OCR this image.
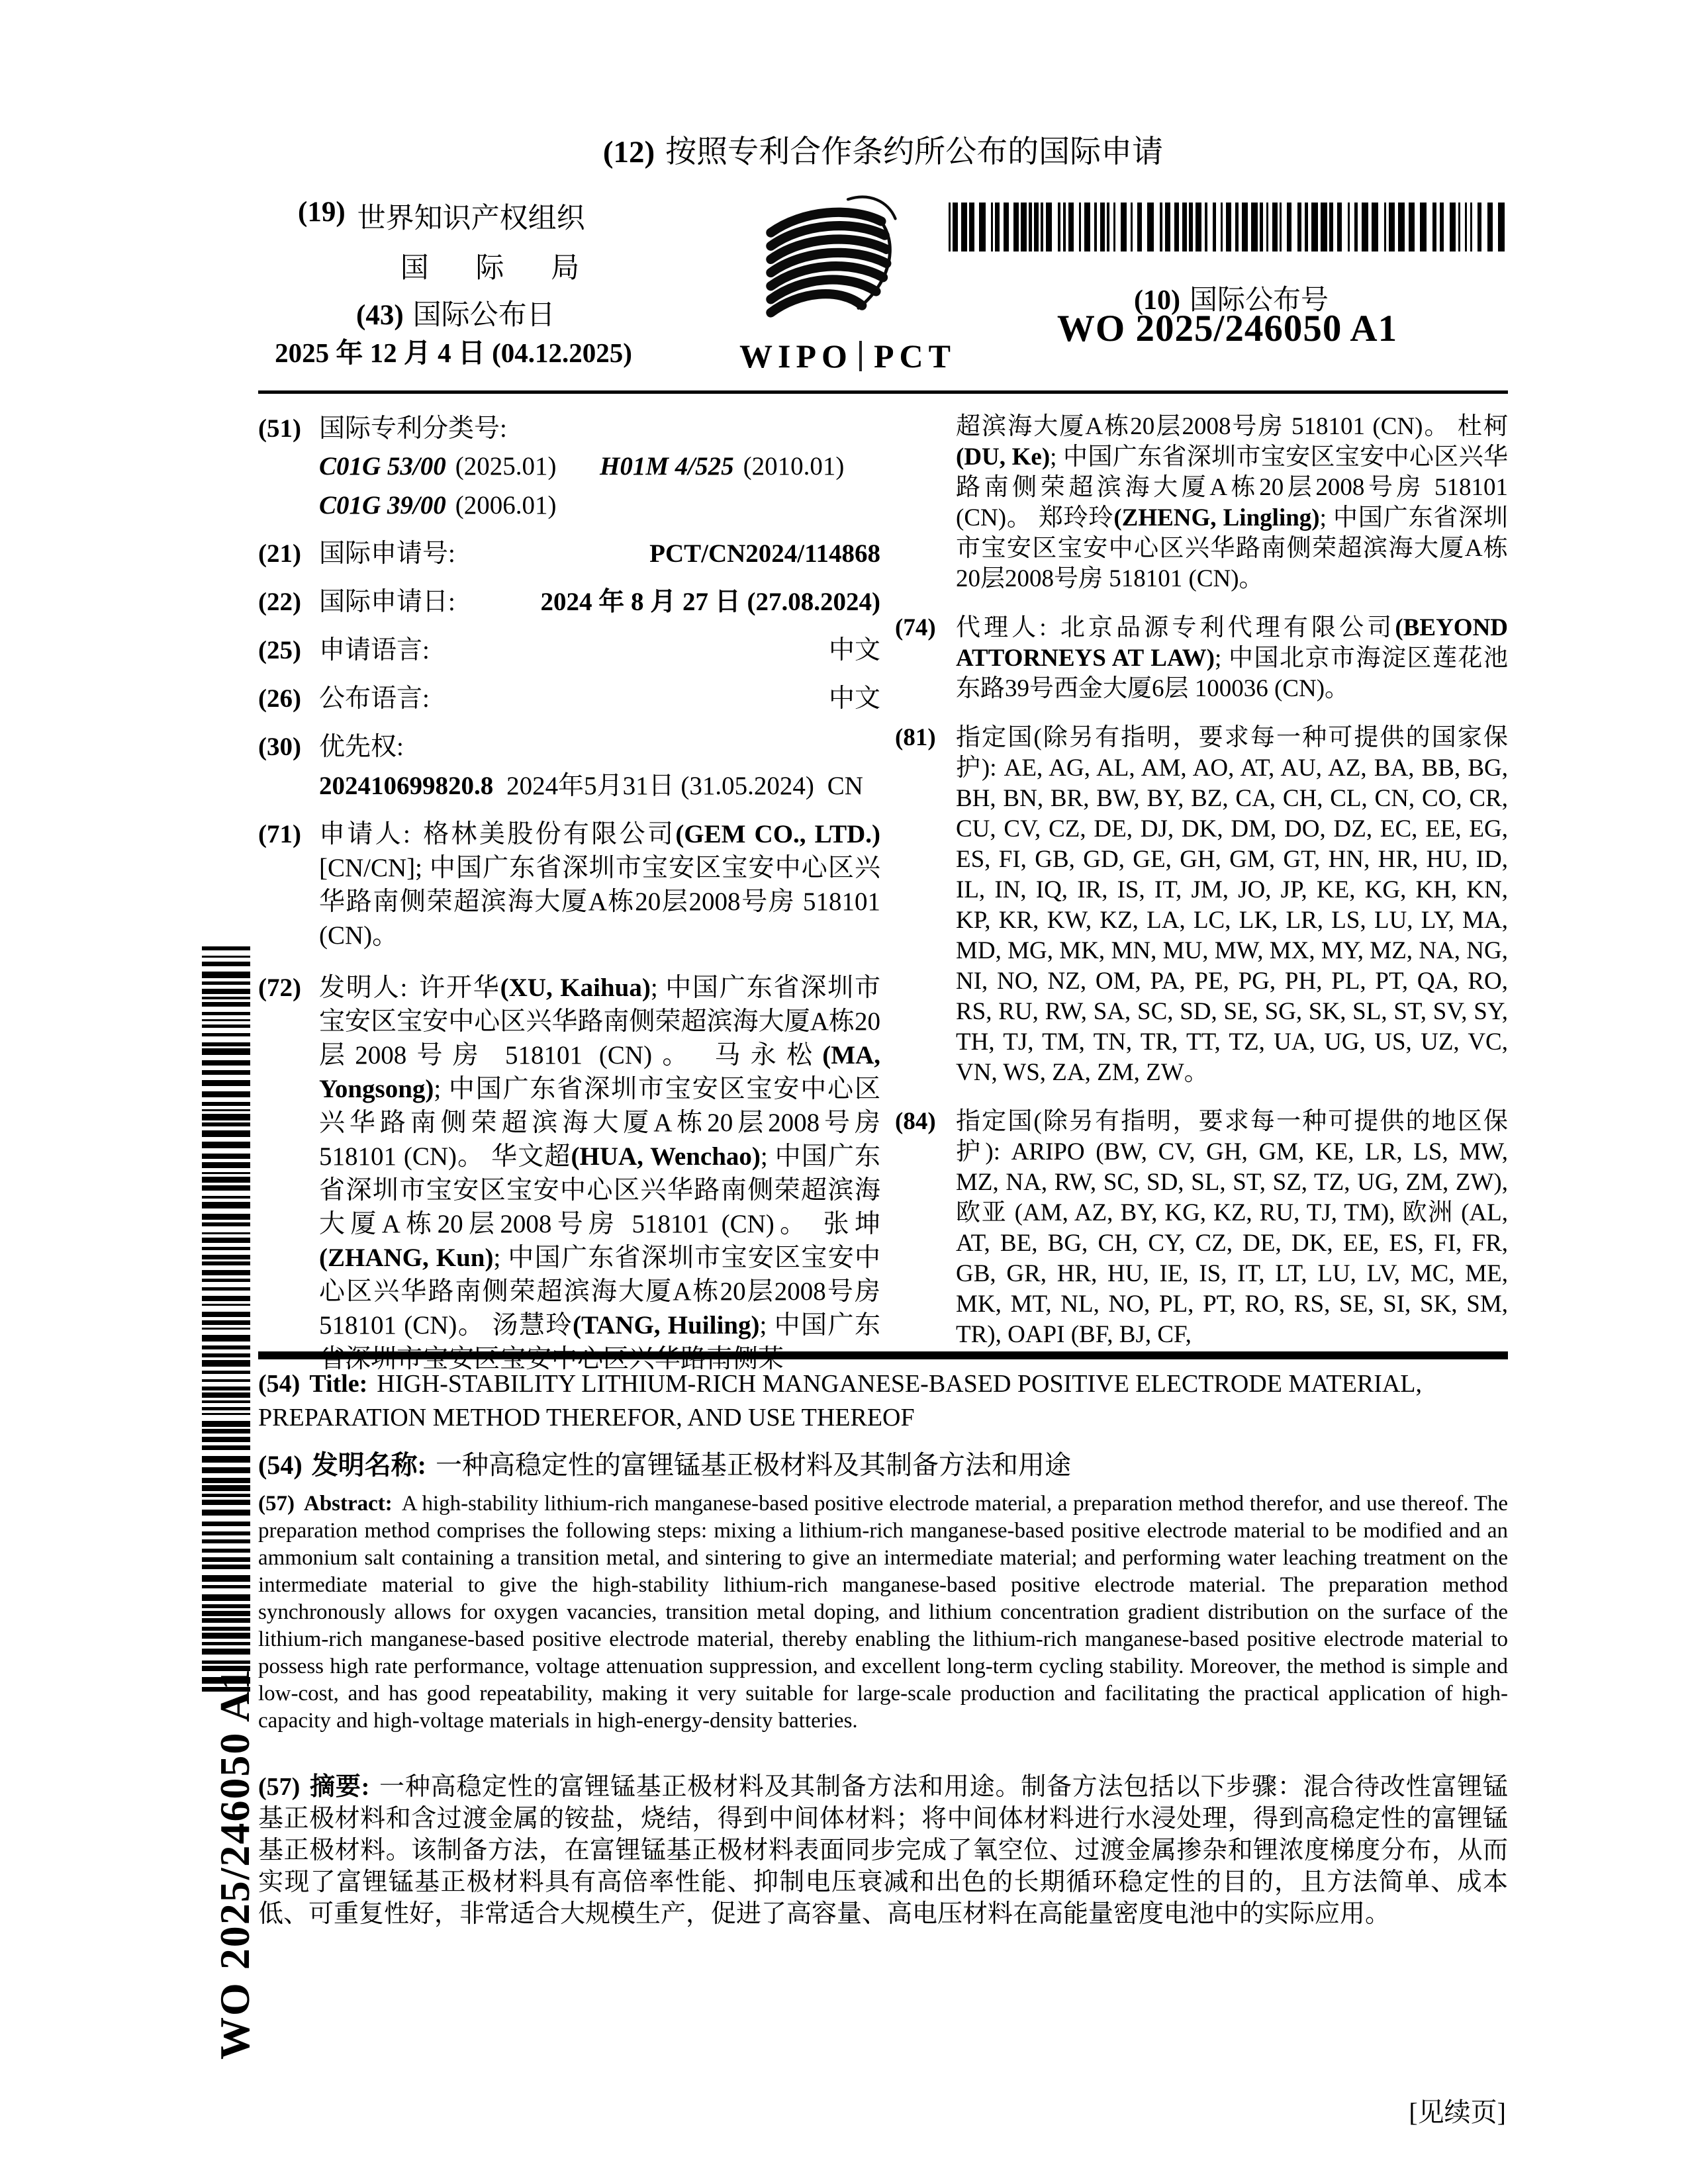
(12) 按照专利合作条约所公布的国际申请
(19) 世界知识产权组织
国 际 局
(43) 国际公布日
2025 年 12 月 4 日 (04.12.2025)	WIPO PCT
(10) 国际公布号
WO 2025/246050 A1
(51) 国际专利分类号:
C01G 53/00 (2025.01)	H01M 4/525 (2010.01)
C01G 39/00 (2006.01)
(21) 国际申请号:	PCT/CN2024/114868
(22) 国际申请日:	2024 年 8 月 27 日 (27.08.2024)
(25) 申请语言:	中文
(26) 公布语言:	中文
(30) 优先权:
202410699820.8 2024年5月31日 (31.05.2024) CN
(71) 申请人: 格林美股份有限公司(GEM CO., LTD.) [CN/CN]; 中国广东省深圳市宝安区宝安中心区兴华路南侧荣超滨海大厦A栋20层2008号房 518101 (CN)。
(72) 发明人: 许开华(XU, Kaihua); 中国广东省深圳市宝安区宝安中心区兴华路南侧荣超滨海大厦A栋20层2008号房 518101 (CN)。 马永松(MA, Yongsong); 中国广东省深圳市宝安区宝安中心区兴华路南侧荣超滨海大厦A栋20层2008号房 518101 (CN)。 华文超(HUA, Wenchao); 中国广东省深圳市宝安区宝安中心区兴华路南侧荣超滨海大厦A栋20层2008号房 518101 (CN)。 张坤(ZHANG, Kun); 中国广东省深圳市宝安区宝安中心区兴华路南侧荣超滨海大厦A栋20层2008号房 518101 (CN)。 汤慧玲(TANG, Huiling); 中国广东
超滨海大厦A栋20层2008号房 518101 (CN)。 杜柯(DU, Ke); 中国广东省深圳市宝安区宝安中心区兴华路南侧荣超滨海大厦A栋20层2008号房 518101 (CN)。 郑玲玲(ZHENG, Lingling); 中国广东省深圳市宝安区宝安中心区兴华路南侧荣超滨海大厦A栋20层2008号房 518101 (CN)。
(74) 代理人: 北京品源专利代理有限公司(BEYOND ATTORNEYS AT LAW); 中国北京市海淀区莲花池东路39号西金大厦6层 100036 (CN)。
(81) 指定国(除另有指明，要求每一种可提供的国家保护): AE, AG, AL, AM, AO, AT, AU, AZ, BA, BB, BG, BH, BN, BR, BW, BY, BZ, CA, CH, CL, CN, CO, CR, CU, CV, CZ, DE, DJ, DK, DM, DO, DZ, EC, EE, EG, ES, FI, GB, GD, GE, GH, GM, GT, HN, HR, HU, ID, IL, IN, IQ, IR, IS, IT, JM, JO, JP, KE, KG, KH, KN, KP, KR, KW, KZ, LA, LC, LK, LR, LS, LU, LY, MA, MD, MG, MK, MN, MU, MW, MX, MY, MZ, NA, NG, NI, NO, NZ, OM, PA, PE, PG, PH, PL, PT, QA, RO, RS, RU, RW, SA, SC, SD, SE, SG, SK, SL, ST, SV, SY, TH, TJ, TM, TN, TR, TT, TZ, UA, UG, US, UZ, VC, VN, WS, ZA, ZM, ZW。
(84) 指定国(除另有指明，要求每一种可提供的地区保护): ARIPO (BW, CV, GH, GM, KE, LR, LS, MW, MZ, NA, RW, SC, SD, SL, ST, SZ, TZ, UG, ZM, ZW), 欧亚 (AM, AZ, BY, KG, KZ, RU, TJ, TM), 欧洲 (AL, AT, BE, BG, CH, CY, CZ, DE, DK, EE, ES, FI, FR, GB, GR, HR, HU, IE, IS, IT, LT, LU, LV, MC, ME, MK, MT, NL, NO, PL, PT, RO, RS, SE, SI, SK, SM, TR), OAPI (BF, BJ, CF,
(54) Title: HIGH-STABILITY LITHIUM-RICH MANGANESE-BASED POSITIVE ELECTRODE MATERIAL, PREPARATION METHOD THEREFOR, AND USE THEREOF
(54) 发明名称: 一种高稳定性的富锂锰基正极材料及其制备方法和用途
(57) Abstract: A high-stability lithium-rich manganese-based positive electrode material, a preparation method therefor, and use thereof. The preparation method comprises the following steps: mixing a lithium-rich manganese-based positive electrode material to be modified and an ammonium salt containing a transition metal, and sintering to give an intermediate material; and performing water leaching treatment on the intermediate material to give the high-stability lithium-rich manganese-based positive electrode material. The preparation method synchronously allows for oxygen vacancies, transition metal doping, and lithium concentration gradient distribution on the surface of the lithium-rich manganese-based positive electrode material, thereby enabling the lithium-rich manganese-based positive electrode material to possess high rate performance, voltage attenuation suppression, and excellent long-term cycling stability. Moreover, the method is simple and low-cost, and has good repeatability, making it very suitable for large-scale production and facilitating the practical application of high-capacity and high-voltage materials in high-energy-density batteries.
(57) 摘要: 一种高稳定性的富锂锰基正极材料及其制备方法和用途。制备方法包括以下步骤：混合待改性富锂锰基正极材料和含过渡金属的铵盐，烧结，得到中间体材料；将中间体材料进行水浸处理，得到高稳定性的富锂锰基正极材料。该制备方法，在富锂锰基正极材料表面同步完成了氧空位、过渡金属掺杂和锂浓度梯度分布，从而实现了富锂锰基正极材料具有高倍率性能、抑制电压衰减和出色的长期循环稳定性的目的，且方法简单、成本低、可重复性好，非常适合大规模生产，促进了高容量、高电压材料在高能量密度电池中的实际应用。
WO 2025/246050 A1
[见续页]
